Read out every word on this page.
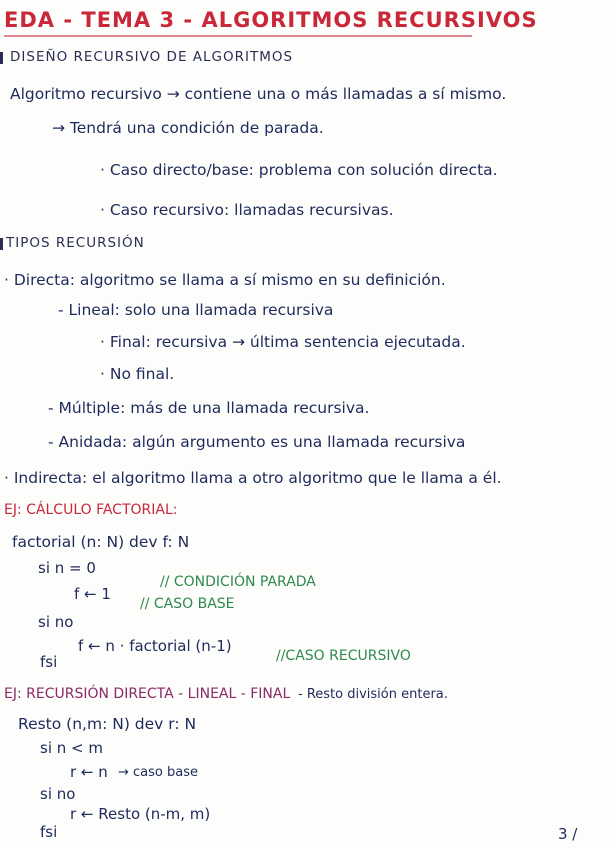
EDA - TEMA 3 - ALGORITMOS RECURSIVOS
DISEÑO RECURSIVO DE ALGORITMOS
Algoritmo recursivo → contiene una o más llamadas a sí mismo.
→ Tendrá una condición de parada.
· Caso directo/base: problema con solución directa.
· Caso recursivo: llamadas recursivas.
TIPOS RECURSIÓN
· Directa: algoritmo se llama a sí mismo en su definición.
- Lineal: solo una llamada recursiva
· Final: recursiva → última sentencia ejecutada.
· No final.
- Múltiple: más de una llamada recursiva.
- Anidada: algún argumento es una llamada recursiva
· Indirecta: el algoritmo llama a otro algoritmo que le llama a él.
EJ: CÁLCULO FACTORIAL:
factorial (n: N) dev f: N
si n = 0
f ← 1
// CONDICIÓN PARADA
// CASO BASE
si no
f ← n · factorial (n-1)
//CASO RECURSIVO
fsi
EJ: RECURSIÓN DIRECTA - LINEAL - FINAL - Resto división entera.
Resto (n,m: N) dev r: N
si n < m
r ← n → caso base
si no
r ← Resto (n-m, m)
fsi	3 /
